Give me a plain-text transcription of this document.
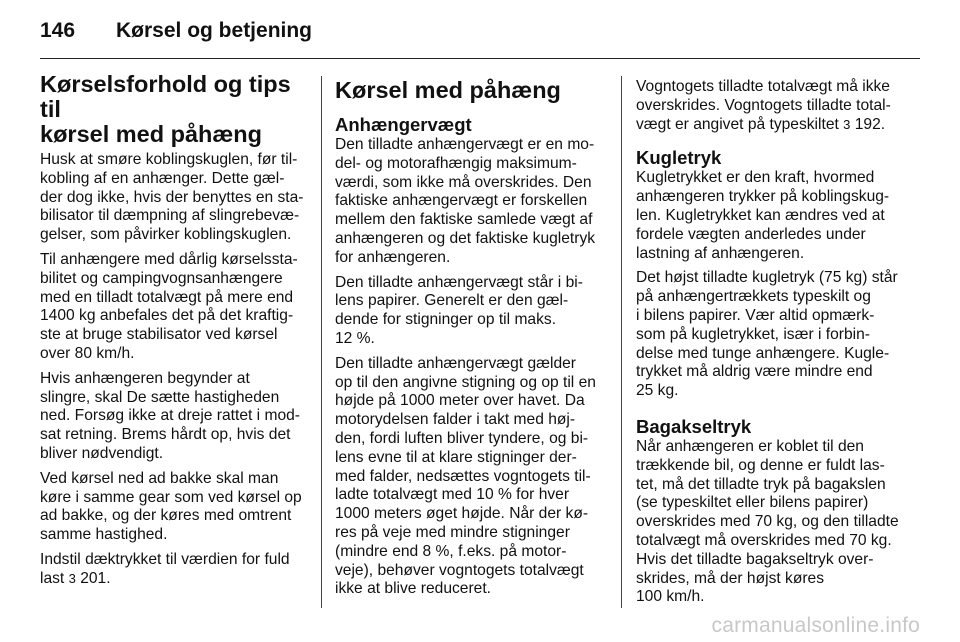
146	Kørsel og betjening
Kørselsforhold og tips til
kørsel med påhæng

Husk at smøre koblingskuglen, før til-
kobling af en anhænger. Dette gæl-
der dog ikke, hvis der benyttes en sta-
bilisator til dæmpning af slingrebevæ-
gelser, som påvirker koblingskuglen.

Til anhængere med dårlig kørselssta-
bilitet og campingvognsanhængere
med en tilladt totalvægt på mere end
1400 kg anbefales det på det kraftig-
ste at bruge stabilisator ved kørsel
over 80 km/h.

Hvis anhængeren begynder at
slingre, skal De sætte hastigheden
ned. Forsøg ikke at dreje rattet i mod-
sat retning. Brems hårdt op, hvis det
bliver nødvendigt.

Ved kørsel ned ad bakke skal man
køre i samme gear som ved kørsel op
ad bakke, og der køres med omtrent
samme hastighed.

Indstil dæktrykket til værdien for fuld
last 3 201.

Kørsel med påhæng
Anhængervægt

Den tilladte anhængervægt er en mo-
del- og motorafhængig maksimum-
værdi, som ikke må overskrides. Den
faktiske anhængervægt er forskellen
mellem den faktiske samlede vægt af
anhængeren og det faktiske kugletryk
for anhængeren.

Den tilladte anhængervægt står i bi-
lens papirer. Generelt er den gæl-
dende for stigninger op til maks.
12 %.

Den tilladte anhængervægt gælder
op til den angivne stigning og op til en
højde på 1000 meter over havet. Da
motorydelsen falder i takt med høj-
den, fordi luften bliver tyndere, og bi-
lens evne til at klare stigninger der-
med falder, nedsættes vogntogets til-
ladte totalvægt med 10 % for hver
1000 meters øget højde. Når der kø-
res på veje med mindre stigninger
(mindre end 8 %, f.eks. på motor-
veje), behøver vogntogets totalvægt
ikke at blive reduceret.

Vogntogets tilladte totalvægt må ikke
overskrides. Vogntogets tilladte total-
vægt er angivet på typeskiltet 3 192.

Kugletryk

Kugletrykket er den kraft, hvormed
anhængeren trykker på koblingskug-
len. Kugletrykket kan ændres ved at
fordele vægten anderledes under
lastning af anhængeren.

Det højst tilladte kugletryk (75 kg) står
på anhængertrækkets typeskilt og
i bilens papirer. Vær altid opmærk-
som på kugletrykket, især i forbin-
delse med tunge anhængere. Kugle-
trykket må aldrig være mindre end
25 kg.

Bagakseltryk

Når anhængeren er koblet til den
trækkende bil, og denne er fuldt las-
tet, må det tilladte tryk på bagakslen
(se typeskiltet eller bilens papirer)
overskrides med 70 kg, og den tilladte
totalvægt må overskrides med 70 kg.
Hvis det tilladte bagakseltryk over-
skrides, må der højst køres
100 km/h.

carmanualsonline.info
